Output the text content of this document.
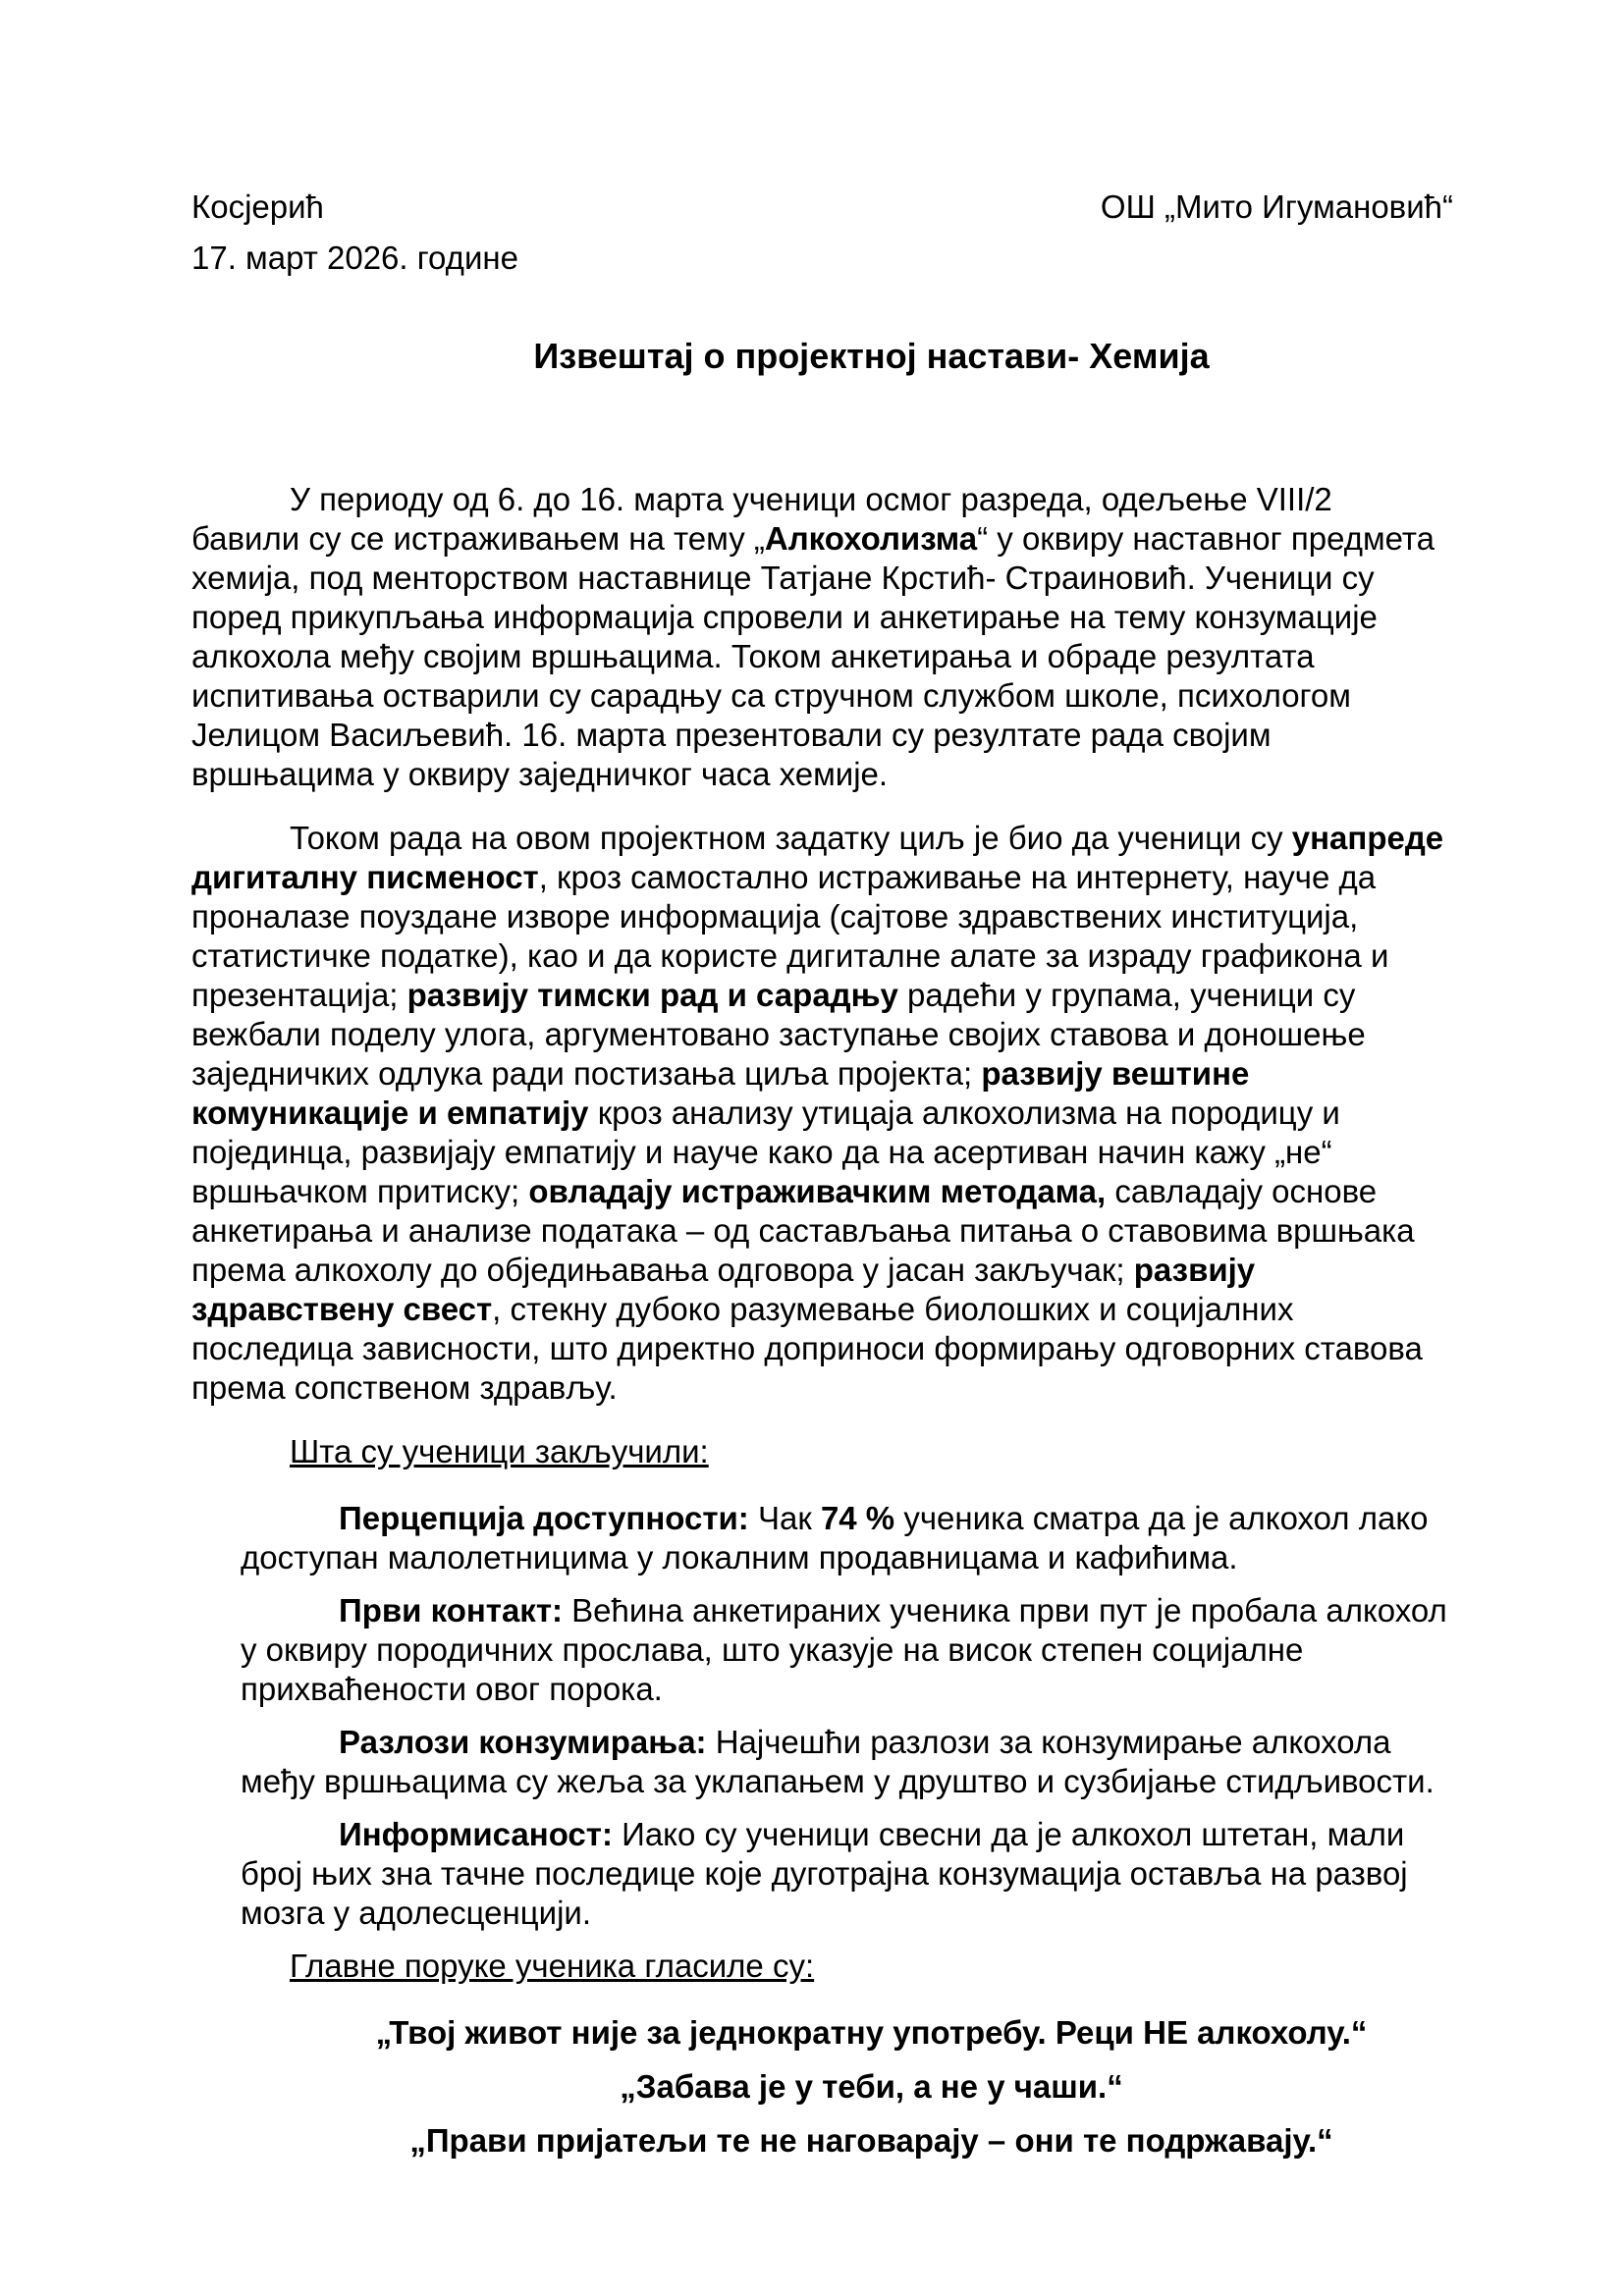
Косјерић	ОШ „Мито Игумановић“
17. март 2026. године
Извештај о пројектној настави- Хемија

У периоду од 6. до 16. марта ученици осмог разреда, одељење VIII/2  бавили су се истраживањем на тему „Алкохолизма“ у оквиру наставног предмета хемија, под менторством наставнице Татјане Крстић- Страиновић. Ученици су поред прикупљања информација спровели и анкетирање на тему конзумације алкохола међу својим вршњацима. Током анкетирања и обраде резултата испитивања остварили су сарадњу са стручном службом школе, психологом Јелицом Васиљевић. 16. марта презентовали су резултате рада својим вршњацима у оквиру заједничког часа хемије.

Током рада на овом пројектном задатку циљ је био да ученици су унапреде дигиталну писменост, кроз самостално истраживање на интернету, науче да проналазе поуздане изворе информација (сајтове здравствених институција, статистичке податке), као и да користе дигиталне алате за израду графикона и презентација; развију тимски рад и сарадњу радећи у групама, ученици су вежбали поделу улога, аргументовано заступање својих ставова и доношење заједничких одлука ради постизања циља пројекта; развију вештине комуникације и емпатију кроз анализу утицаја алкохолизма на породицу и појединца, развијају емпатију и науче како да на асертиван начин кажу „не“ вршњачком притиску; овладају истраживачким методама, савладају основе анкетирања и анализе података – од састављања питања о ставовима вршњака према алкохолу до обједињавања одговора у јасан закључак; развију здравствену свест, стекну дубоко разумевање биолошких и социјалних последица зависности, што директно доприноси формирању одговорних ставова према сопственом здрављу.

Шта су ученици закључили:

Перцепција доступности: Чак 74 % ученика сматра да је алкохол лако доступан малолетницима у локалним продавницама и кафићима.

Први контакт: Већина анкетираних ученика први пут је пробала алкохол у оквиру породичних прослава, што указује на висок степен социјалне прихваћености овог порока.

Разлози конзумирања: Најчешћи разлози за конзумирање алкохола међу вршњацима су жеља за уклапањем у друштво и сузбијање стидљивости.

Информисаност: Иако су ученици свесни да је алкохол штетан, мали број њих зна тачне последице које дуготрајна конзумација оставља на развој мозга у адолесценцији.

Главне поруке ученика гласиле су:

„Твој живот није за једнократну употребу. Реци НЕ алкохолу.“

„Забава је у теби, а не у чаши.“

„Прави пријатељи те не наговарају – они те подржавају.“
